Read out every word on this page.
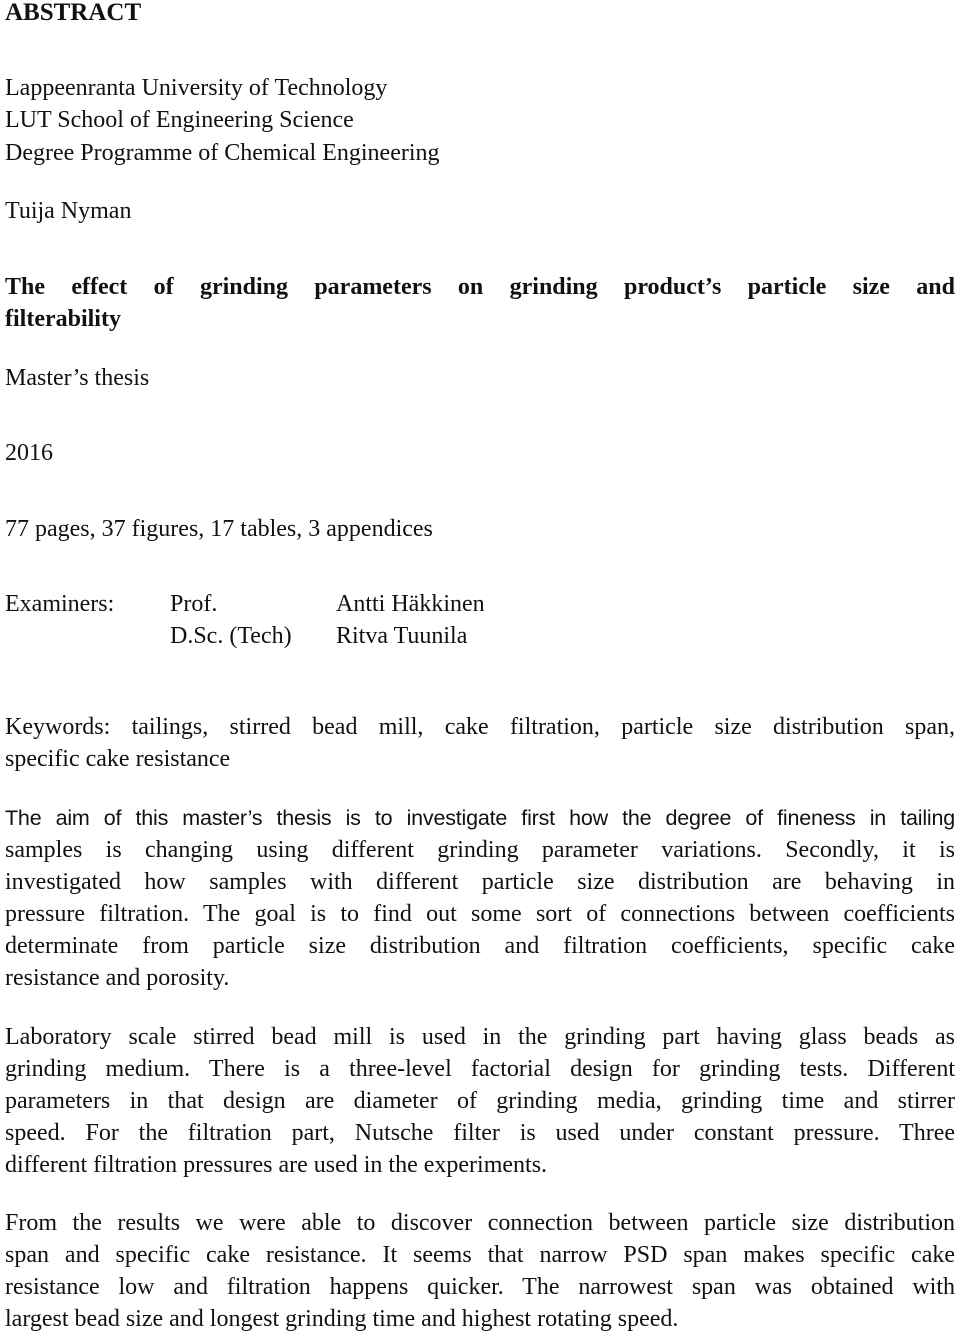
ABSTRACT
Lappeenranta University of Technology
LUT School of Engineering Science
Degree Programme of Chemical Engineering
Tuija Nyman
The effect of grinding parameters on grinding product’s particle size and
filterability
Master’s thesis
2016
77 pages, 37 figures, 17 tables, 3 appendices
Examiners: Prof.	Antti Häkkinen
D.Sc. (Tech) Ritva Tuunila
Keywords: tailings, stirred bead mill, cake filtration, particle size distribution span,
specific cake resistance
The aim of this master’s thesis is to investigate first how the degree of fineness in tailing
samples is changing using different grinding parameter variations. Secondly, it is
investigated how samples with different particle size distribution are behaving in
pressure filtration. The goal is to find out some sort of connections between coefficients
determinate from particle size distribution and filtration coefficients, specific cake
resistance and porosity.
Laboratory scale stirred bead mill is used in the grinding part having glass beads as
grinding medium. There is a three-level factorial design for grinding tests. Different
parameters in that design are diameter of grinding media, grinding time and stirrer
speed. For the filtration part, Nutsche filter is used under constant pressure. Three
different filtration pressures are used in the experiments.
From the results we were able to discover connection between particle size distribution
span and specific cake resistance. It seems that narrow PSD span makes specific cake
resistance low and filtration happens quicker. The narrowest span was obtained with
largest bead size and longest grinding time and highest rotating speed.
